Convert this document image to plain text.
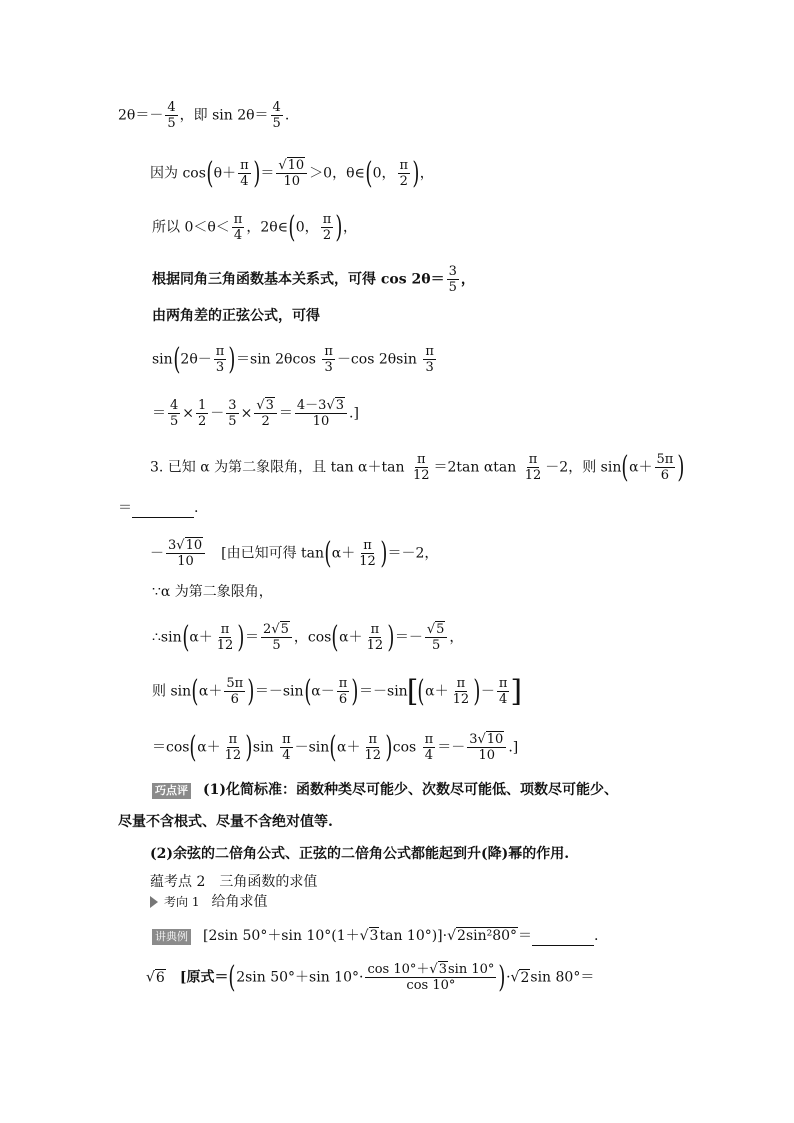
$2\theta=- \frac{4}{5}$ ，即 $\sin 2\theta= \frac{4}{5}$ .
因为 $\cos(\theta+ \frac{\pi}{4}$ )＝ $\frac{√10}{10} >0$，θ∈(0， $\frac{\pi}{2}$ )，
所以 $0<\theta< \frac{\pi}{4}$ ，2θ∈(0， $\frac{\pi}{2}$ )，
根据同角三角函数基本关系式，可得 $\cos 2\theta= \frac{3}{5}$ ，
由两角差的正弦公式，可得
$\sin(2\theta- \frac{\pi}{3} )=\sin$ $2\theta\cos \frac{\pi}{3} -\cos$ $2\theta\sin \frac{\pi}{3}$
＝ $\frac{4}{5} \times \frac{1}{2} - \frac{3}{5} \times \frac{√3}{2} = \frac{4-3√3}{10}$ .]
3. 已知 α 为第二象限角，且 $\tan \alpha+\tan \frac{\pi}{12} =2\tan$ αtan $\frac{\pi}{12} -2$，则 $\sin(\alpha+ \frac{5\pi}{6}$ )
＝	.
－ $\frac{3√10}{10}$ [由已知可得 $\tan(\alpha+ \frac{\pi}{12} )=-2$，
∵α 为第二象限角，
∴sin(α＋ $\frac{\pi}{12}$ )＝ $\frac{2√5}{5}$ ，$\cos(\alpha+ \frac{\pi}{12}$ )＝－ $\frac{√5}{5}$ ，
则 $\sin(\alpha+ \frac{5\pi}{6} )=-\sin(\alpha- \frac{\pi}{6} )=-\sin[(\alpha+ \frac{\pi}{12}$ )－ $\frac{\pi}{4}$ ]
$=\cos(\alpha+ \frac{\pi}{12} )\sin \frac{\pi}{4} -\sin(\alpha+ \frac{\pi}{12} )\cos \frac{\pi}{4} =- \frac{3√10}{10}$ .]
巧点评 (1)化简标准：函数种类尽可能少、次数尽可能低、项数尽可能少、
尽量不含根式、尽量不含绝对值等.
(2)余弦的二倍角公式、正弦的二倍角公式都能起到升(降)幂的作用.
蕴考点 2　三角函数的求值
考向 1 给角求值
讲典例 [2sin 50°＋sin 10°(1＋√3tan 10°)]·√2sin²80°＝	.
√6 [原式＝(2sin 50°＋sin $10^\circ\cdot \frac{\cos 10^\circ+√3\sin 10^\circ}{\cos 10^\circ} )\cdot√2\sin$ 80°＝
